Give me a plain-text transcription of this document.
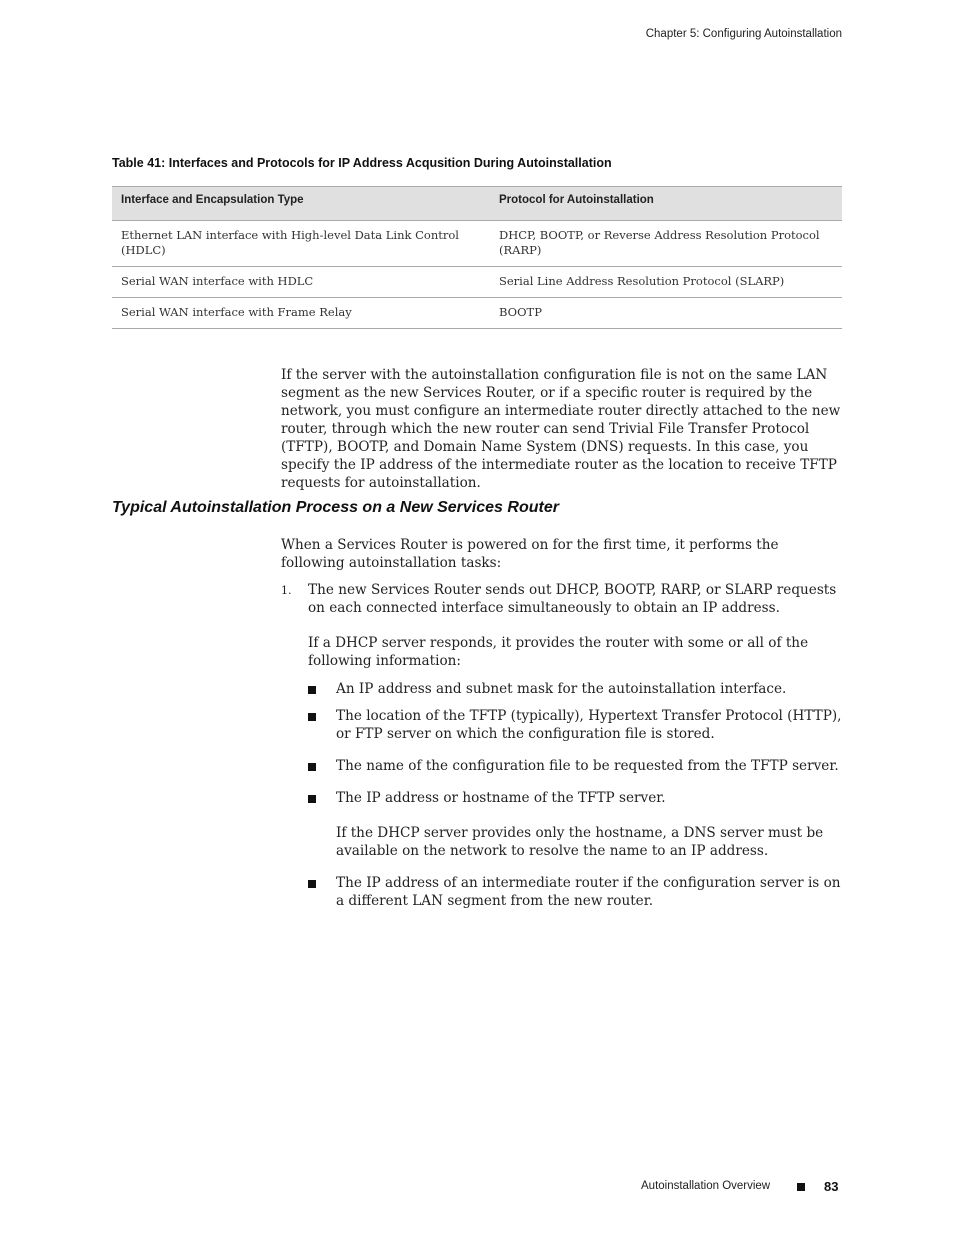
Chapter 5: Configuring Autoinstallation
Table 41: Interfaces and Protocols for IP Address Acqusition During Autoinstallation
Interface and Encapsulation Type	Protocol for Autoinstallation
Ethernet LAN interface with High-level Data Link Control (HDLC)	DHCP, BOOTP, or Reverse Address Resolution Protocol (RARP)
Serial WAN interface with HDLC	Serial Line Address Resolution Protocol (SLARP)
Serial WAN interface with Frame Relay	BOOTP

If the server with the autoinstallation configuration file is not on the same LAN segment as the new Services Router, or if a specific router is required by the network, you must configure an intermediate router directly attached to the new router, through which the new router can send Trivial File Transfer Protocol (TFTP), BOOTP, and Domain Name System (DNS) requests. In this case, you specify the IP address of the intermediate router as the location to receive TFTP requests for autoinstallation.

Typical Autoinstallation Process on a New Services Router

When a Services Router is powered on for the first time, it performs the following autoinstallation tasks:

1. The new Services Router sends out DHCP, BOOTP, RARP, or SLARP requests on each connected interface simultaneously to obtain an IP address.

If a DHCP server responds, it provides the router with some or all of the following information:

An IP address and subnet mask for the autoinstallation interface.

The location of the TFTP (typically), Hypertext Transfer Protocol (HTTP), or FTP server on which the configuration file is stored.

The name of the configuration file to be requested from the TFTP server.

The IP address or hostname of the TFTP server.

If the DHCP server provides only the hostname, a DNS server must be available on the network to resolve the name to an IP address.

The IP address of an intermediate router if the configuration server is on a different LAN segment from the new router.

Autoinstallation Overview	83
